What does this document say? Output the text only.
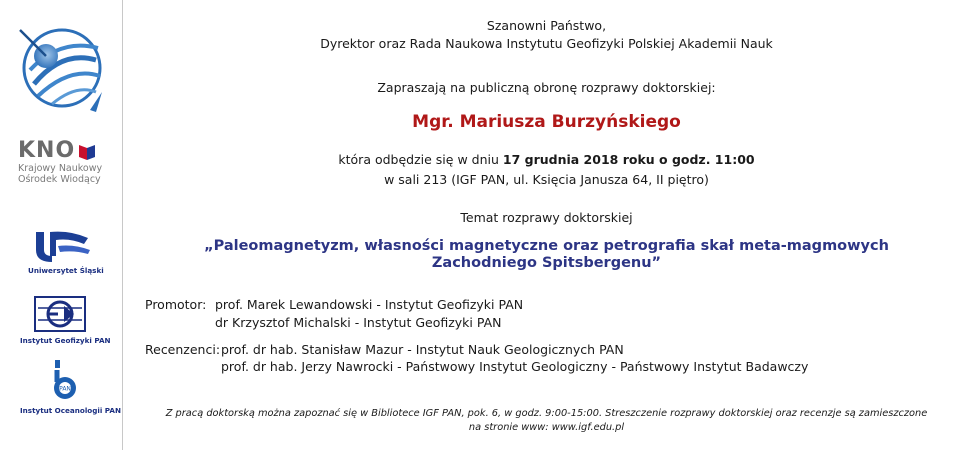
KNO
Krajowy Naukowy
Ośrodek Wiodący
Uniwersytet Śląski
Instytut Geofizyki PAN
PAN
Instytut Oceanologii PAN
Szanowni Państwo,
Dyrektor oraz Rada Naukowa Instytutu Geofizyki Polskiej Akademii Nauk
Zapraszają na publiczną obronę rozprawy doktorskiej:
Mgr. Mariusza Burzyńskiego
która odbędzie się w dniu 17 grudnia 2018 roku o godz. 11:00
w sali 213 (IGF PAN, ul. Księcia Janusza 64, II piętro)
Temat rozprawy doktorskiej
„Paleomagnetyzm, własności magnetyczne oraz petrografia skał meta-magmowych
Zachodniego Spitsbergenu”
Promotor: prof. Marek Lewandowski - Instytut Geofizyki PAN
dr Krzysztof Michalski - Instytut Geofizyki PAN
Recenzenci: prof. dr hab. Stanisław Mazur - Instytut Nauk Geologicznych PAN
prof. dr hab. Jerzy Nawrocki - Państwowy Instytut Geologiczny - Państwowy Instytut Badawczy
Z pracą doktorską można zapoznać się w Bibliotece IGF PAN, pok. 6, w godz. 9:00-15:00. Streszczenie rozprawy doktorskiej oraz recenzje są zamieszczone
na stronie www: www.igf.edu.pl
